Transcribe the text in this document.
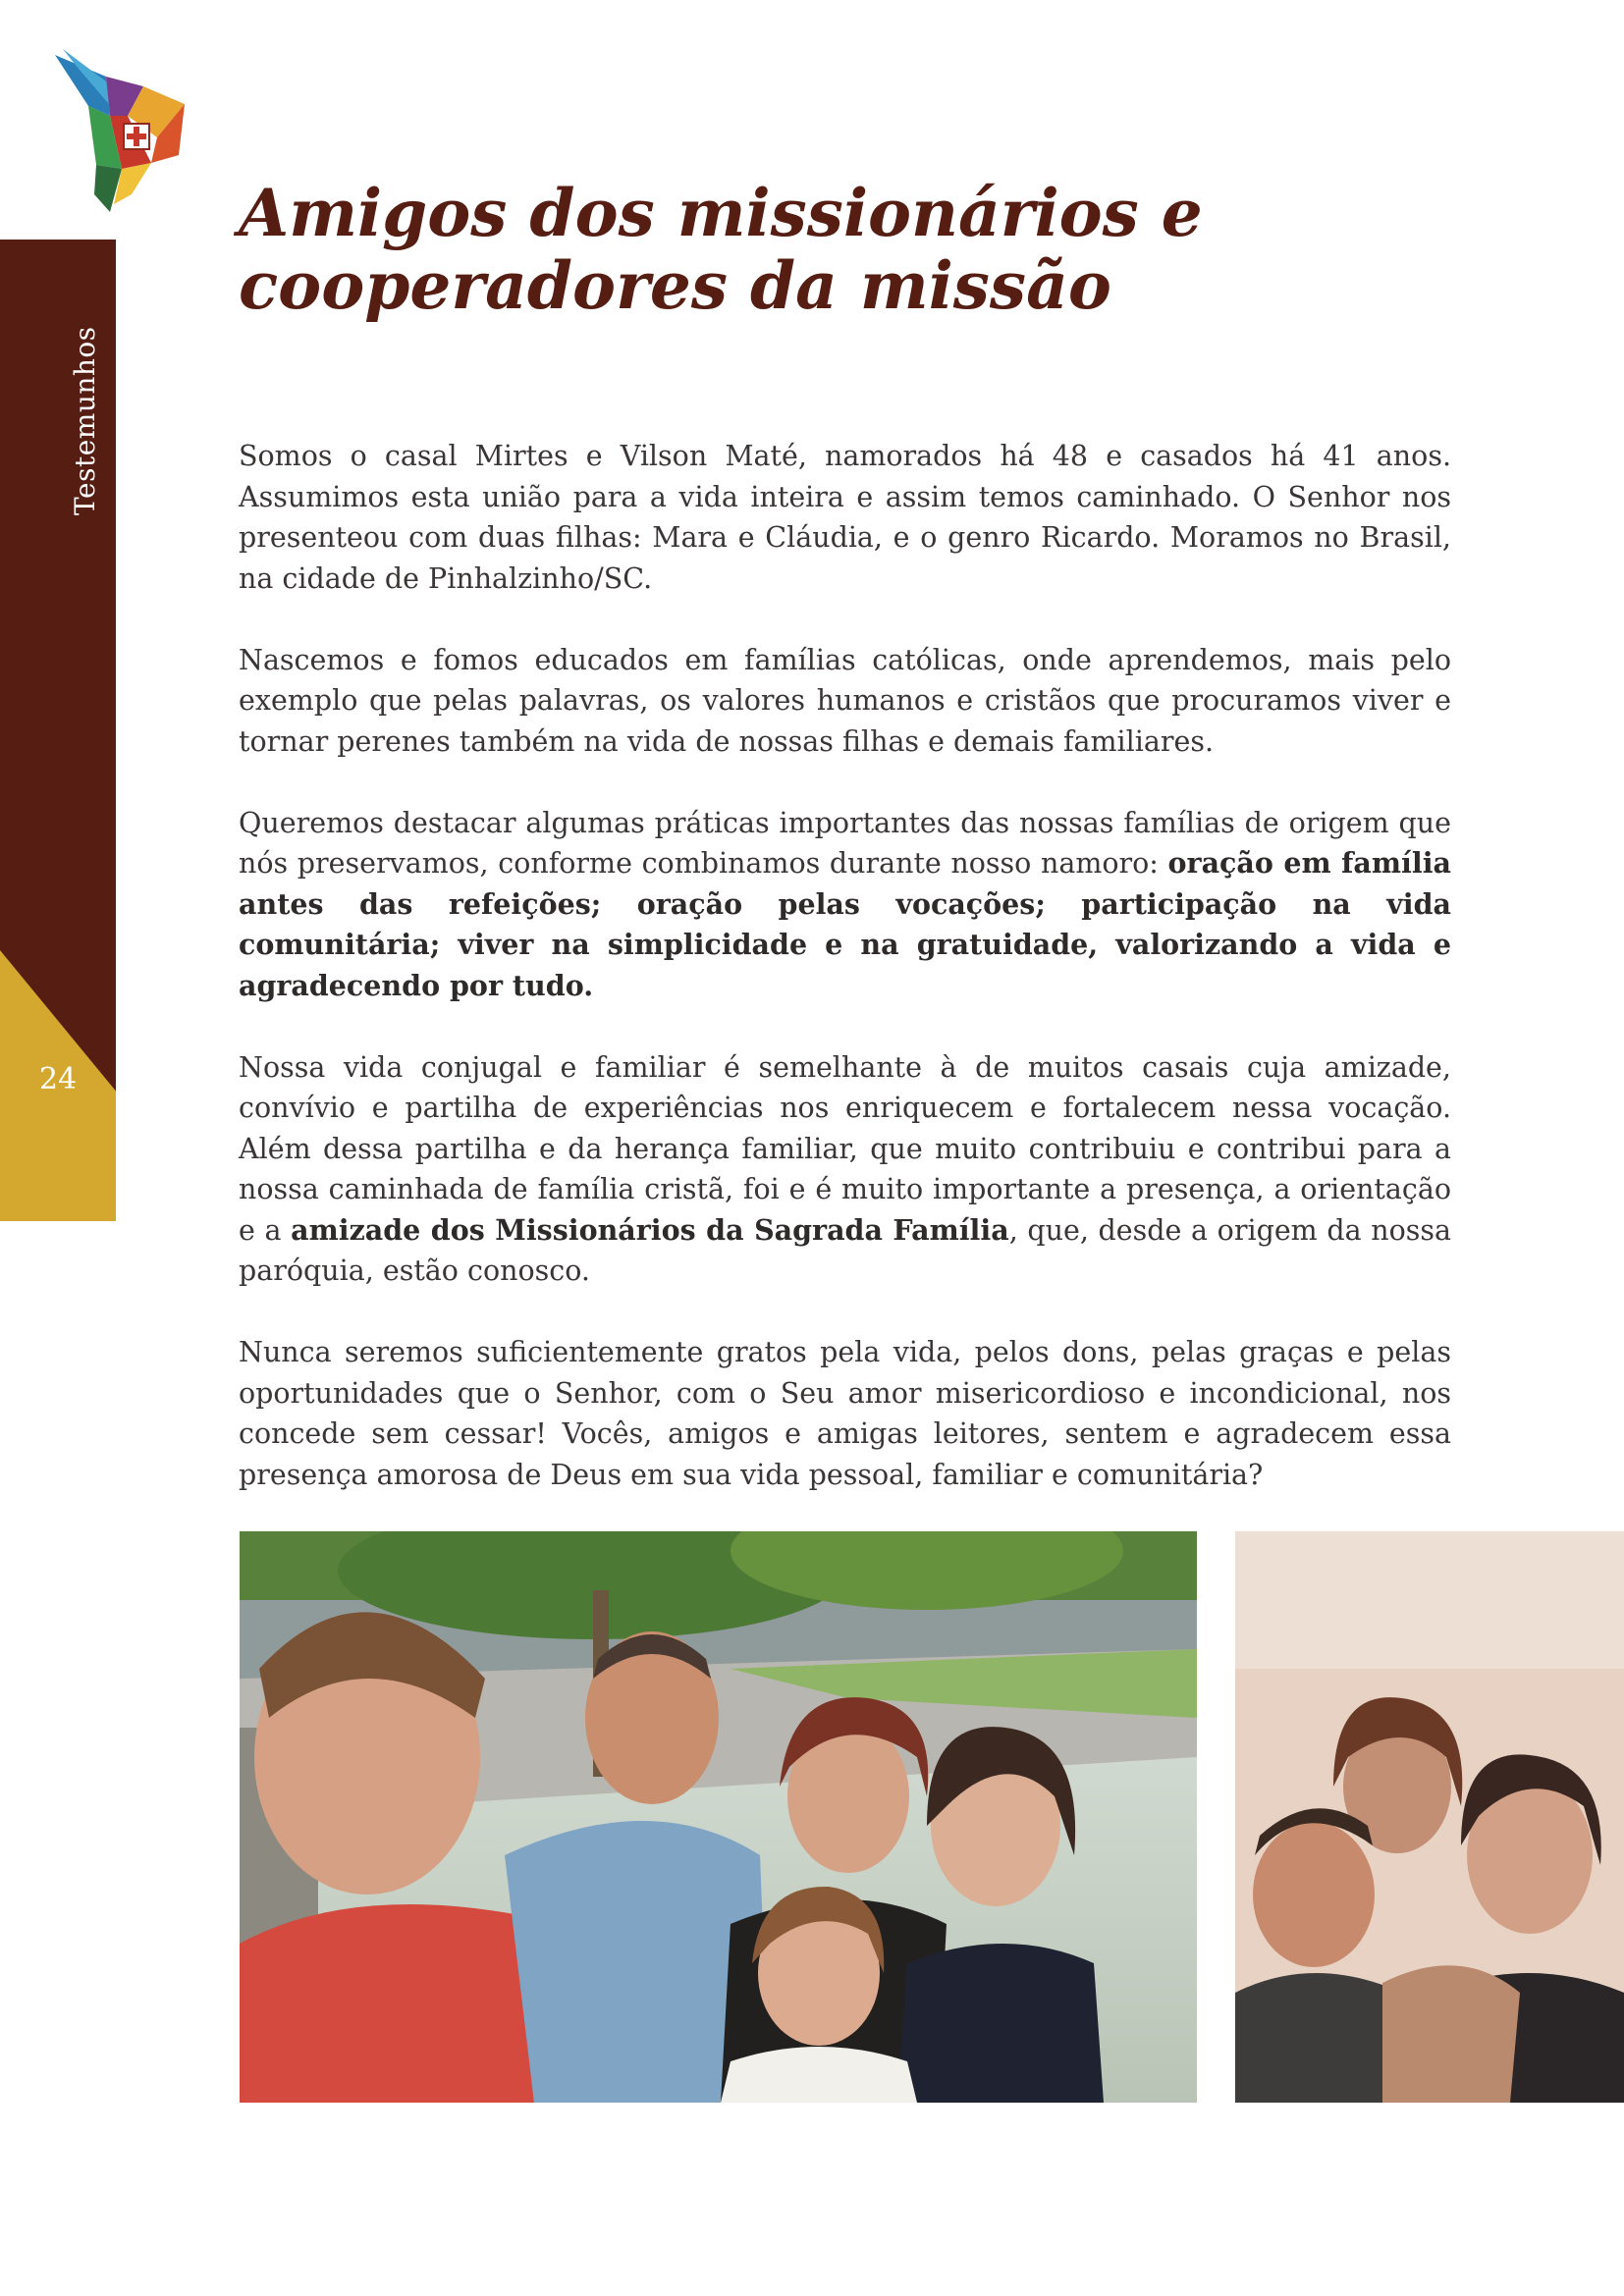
Testemunhos
24
Amigos dos missionários e
cooperadores da missão

Somos o casal Mirtes e Vilson Maté, namorados há 48 e casados há 41 anos. Assumimos esta união para a vida inteira e assim temos caminhado. O Senhor nos presenteou com duas filhas: Mara e Cláudia, e o genro Ricardo. Moramos no Brasil, na cidade de Pinhalzinho/SC.

Nascemos e fomos educados em famílias católicas, onde aprendemos, mais pelo exemplo que pelas palavras, os valores humanos e cristãos que procuramos viver e tornar perenes também na vida de nossas filhas e demais familiares.

Queremos destacar algumas práticas importantes das nossas famílias de origem que nós preservamos, conforme combinamos durante nosso namoro: oração em família antes das refeições; oração pelas vocações; participação na vida comunitária; viver na simplicidade e na gratuidade, valorizando a vida e agradecendo por tudo.

Nossa vida conjugal e familiar é semelhante à de muitos casais cuja amizade, convívio e partilha de experiências nos enriquecem e fortalecem nessa vocação. Além dessa partilha e da herança familiar, que muito contribuiu e contribui para a nossa caminhada de família cristã, foi e é muito importante a presença, a orientação e a amizade dos Missionários da Sagrada Família, que, desde a origem da nossa paróquia, estão conosco.

Nunca seremos suficientemente gratos pela vida, pelos dons, pelas graças e pelas oportunidades que o Senhor, com o Seu amor misericordioso e incondicional, nos concede sem cessar! Vocês, amigos e amigas leitores, sentem e agradecem essa presença amorosa de Deus em sua vida pessoal, familiar e comunitária?
